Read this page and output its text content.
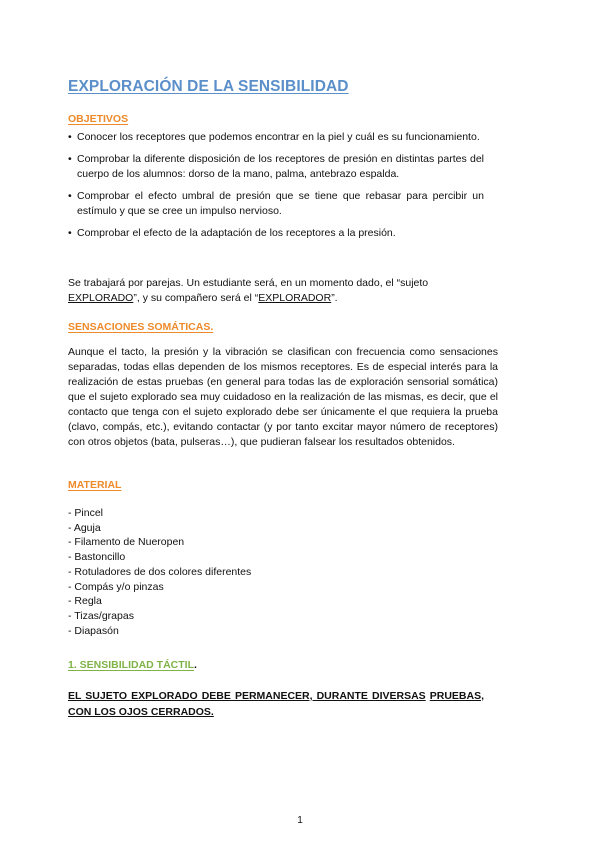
EXPLORACIÓN DE LA SENSIBILIDAD
OBJETIVOS
• Conocer los receptores que podemos encontrar en la piel y cuál es su funcionamiento.
• Comprobar la diferente disposición de los receptores de presión en distintas partes del cuerpo de los alumnos: dorso de la mano, palma, antebrazo espalda.
• Comprobar el efecto umbral de presión que se tiene que rebasar para percibir un estímulo y que se cree un impulso nervioso.
• Comprobar el efecto de la adaptación de los receptores a la presión.

Se trabajará por parejas. Un estudiante será, en un momento dado, el “sujeto EXPLORADO”, y su compañero será el “EXPLORADOR”.

SENSACIONES SOMÁTICAS.

Aunque el tacto, la presión y la vibración se clasifican con frecuencia como sensaciones separadas, todas ellas dependen de los mismos receptores. Es de especial interés para la realización de estas pruebas (en general para todas las de exploración sensorial somática) que el sujeto explorado sea muy cuidadoso en la realización de las mismas, es decir, que el contacto que tenga con el sujeto explorado debe ser únicamente el que requiera la prueba (clavo, compás, etc.), evitando contactar (y por tanto excitar mayor número de receptores) con otros objetos (bata, pulseras…), que pudieran falsear los resultados obtenidos.

MATERIAL
- Pincel
- Aguja
- Filamento de Nueropen
- Bastoncillo
- Rotuladores de dos colores diferentes
- Compás y/o pinzas
- Regla
- Tizas/grapas
- Diapasón
1. SENSIBILIDAD TÁCTIL.
EL SUJETO EXPLORADO DEBE PERMANECER, DURANTE DIVERSAS PRUEBAS, CON LOS OJOS CERRADOS.
1
